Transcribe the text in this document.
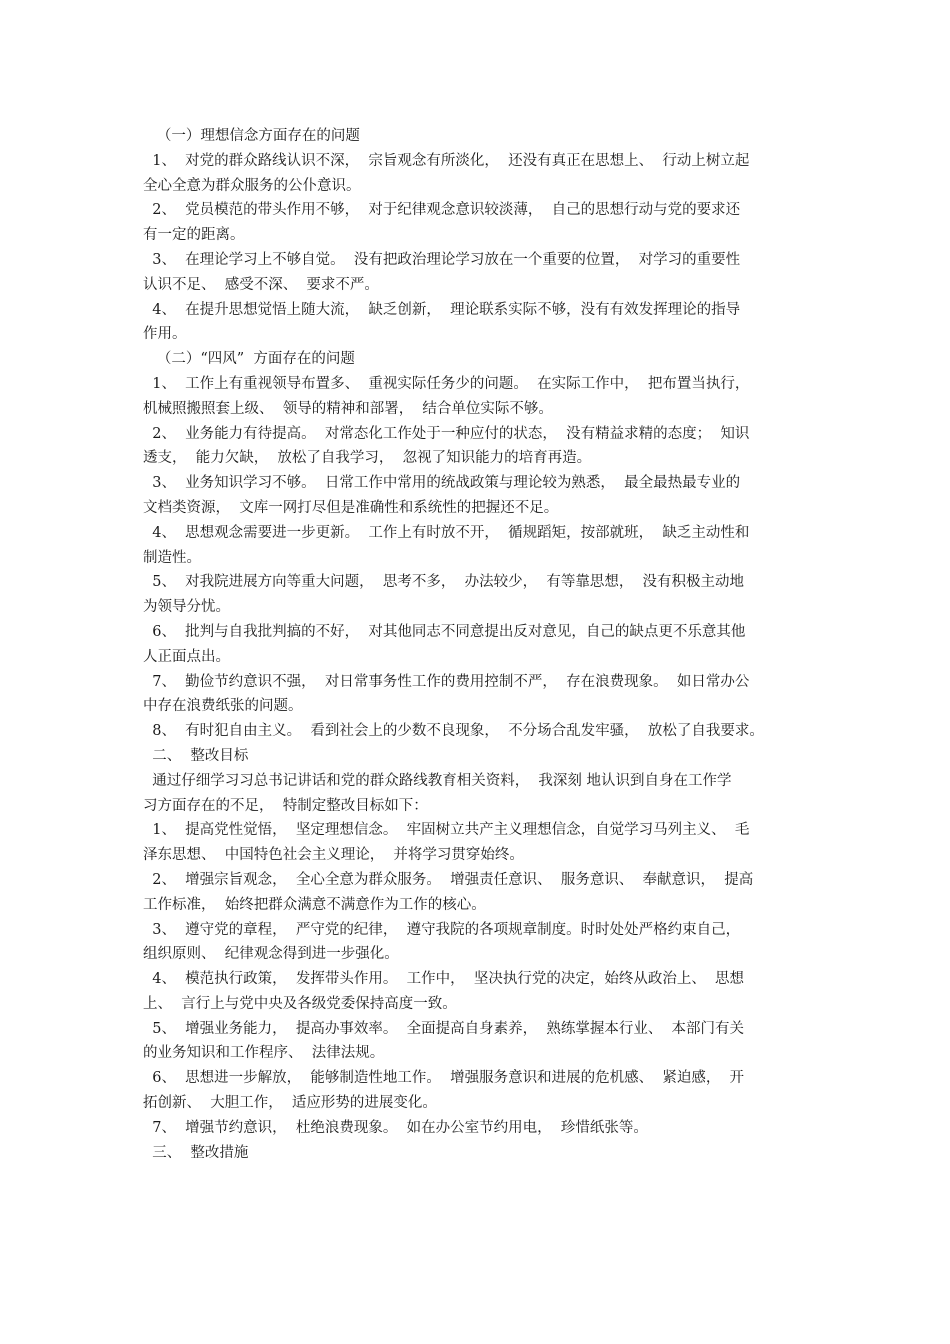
（一）理想信念方面存在的问题
1、  对党的群众路线认识不深，  宗旨观念有所淡化，  还没有真正在思想上、  行动上树立起
全心全意为群众服务的公仆意识。
2、  党员模范的带头作用不够，  对于纪律观念意识较淡薄，  自己的思想行动与党的要求还
有一定的距离。
3、  在理论学习上不够自觉。  没有把政治理论学习放在一个重要的位置，  对学习的重要性
认识不足、  感受不深、  要求不严。
4、  在提升思想觉悟上随大流，  缺乏创新，  理论联系实际不够，没有有效发挥理论的指导
作用。
（二）“四风”  方面存在的问题
1、  工作上有重视领导布置多、  重视实际任务少的问题。  在实际工作中，  把布置当执行，
机械照搬照套上级、  领导的精神和部署，  结合单位实际不够。
2、  业务能力有待提高。  对常态化工作处于一种应付的状态，  没有精益求精的态度；  知识
透支，  能力欠缺，  放松了自我学习，  忽视了知识能力的培育再造。
3、  业务知识学习不够。  日常工作中常用的统战政策与理论较为熟悉，  最全最热最专业的
文档类资源，  文库一网打尽但是准确性和系统性的把握还不足。
4、  思想观念需要进一步更新。  工作上有时放不开，  循规蹈矩，按部就班，  缺乏主动性和
制造性。
5、  对我院进展方向等重大问题，  思考不多，  办法较少，  有等靠思想，  没有积极主动地
为领导分忧。
6、  批判与自我批判搞的不好，  对其他同志不同意提出反对意见，自己的缺点更不乐意其他
人正面点出。
7、  勤俭节约意识不强，  对日常事务性工作的费用控制不严，  存在浪费现象。  如日常办公
中存在浪费纸张的问题。
8、  有时犯自由主义。  看到社会上的少数不良现象，  不分场合乱发牢骚，  放松了自我要求。
二、  整改目标
通过仔细学习习总书记讲话和党的群众路线教育相关资料，  我深刻 地认识到自身在工作学
习方面存在的不足，  特制定整改目标如下：
1、  提高党性觉悟，  坚定理想信念。  牢固树立共产主义理想信念，自觉学习马列主义、  毛
泽东思想、  中国特色社会主义理论，  并将学习贯穿始终。
2、  增强宗旨观念，  全心全意为群众服务。  增强责任意识、  服务意识、  奉献意识，  提高
工作标准，  始终把群众满意不满意作为工作的核心。
3、  遵守党的章程，  严守党的纪律，  遵守我院的各项规章制度。时时处处严格约束自己，
组织原则、  纪律观念得到进一步强化。
4、  模范执行政策，  发挥带头作用。  工作中，  坚决执行党的决定，始终从政治上、  思想
上、  言行上与党中央及各级党委保持高度一致。
5、  增强业务能力，  提高办事效率。  全面提高自身素养，  熟练掌握本行业、  本部门有关
的业务知识和工作程序、  法律法规。
6、  思想进一步解放，  能够制造性地工作。  增强服务意识和进展的危机感、  紧迫感，  开
拓创新、  大胆工作，  适应形势的进展变化。
7、  增强节约意识，  杜绝浪费现象。  如在办公室节约用电，  珍惜纸张等。
三、  整改措施
